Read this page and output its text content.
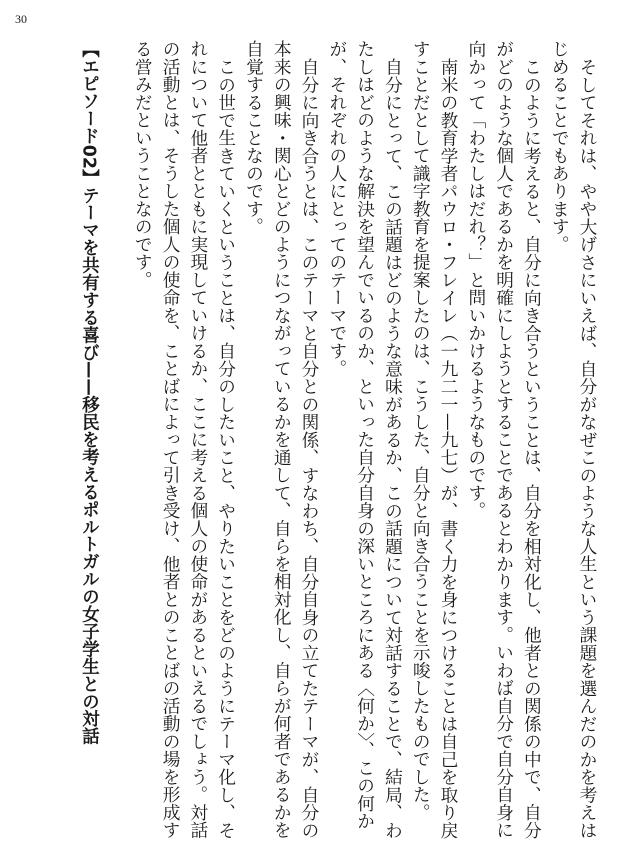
30

そしてそれは、やや大げさにいえば、自分がなぜこのような人生という課題を選んだのかを考えはじめることでもあります。

このように考えると、自分に向き合うということは、自分を相対化し、他者との関係の中で、自分がどのような個人であるかを明確にしようとすることであるとわかります。いわば自分で自分自身に向かって「わたしはだれ？」と問いかけるようなものです。

南米の教育学者パウロ・フレイレ（一九二一—九七）が、書く力を身につけることは自己を取り戻すことだとして識字教育を提案したのは、こうした、自分と向き合うことを示唆したものでした。

自分にとって、この話題はどのような意味があるか、この話題について対話することで、結局、わたしはどのような解決を望んでいるのか、といった自分自身の深いところにある〈何か〉、この何かが、それぞれの人にとってのテーマです。

自分に向き合うとは、このテーマと自分との関係、すなわち、自分自身の立てたテーマが、自分の本来の興味・関心とどのようにつながっているかを通して、自らを相対化し、自らが何者であるかを自覚することなのです。

この世で生きていくということは、自分のしたいこと、やりたいことをどのようにテーマ化し、それについて他者とともに実現していけるか、ここに考える個人の使命があるといえるでしょう。対話の活動とは、そうした個人の使命を、ことばによって引き受け、他者とのことばの活動の場を形成する営みだということなのです。

【エピソード02】テーマを共有する喜び——移民を考えるポルトガルの女子学生との対話
